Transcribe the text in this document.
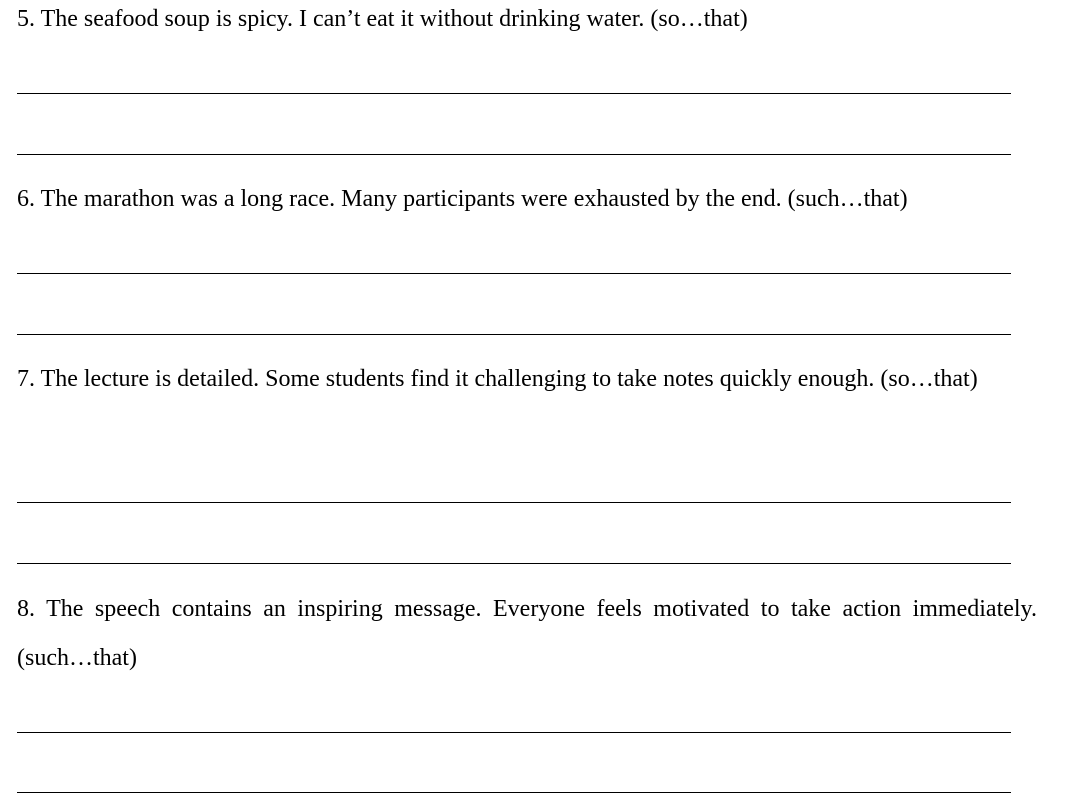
5. The seafood soup is spicy. I can’t eat it without drinking water. (so…that)

6. The marathon was a long race. Many participants were exhausted by the end. (such…that)

7. The lecture is detailed. Some students find it challenging to take notes quickly enough. (so…that)

8. The speech contains an inspiring message. Everyone feels motivated to take action immediately. (such…that)
